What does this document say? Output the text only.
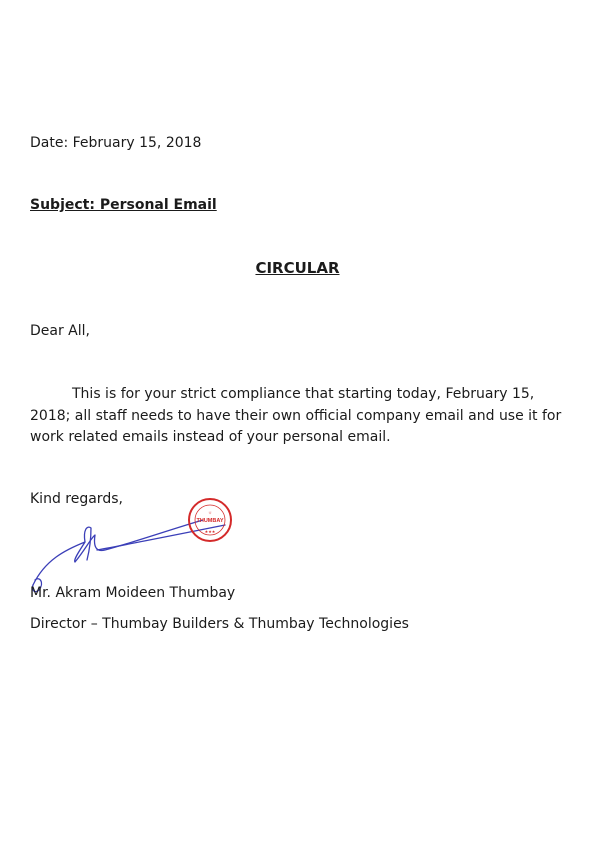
Date: February 15, 2018
Subject: Personal Email
CIRCULAR
Dear All,
This is for your strict compliance that starting today, February 15, 2018; all staff needs to have their own official company email and use it for work related emails instead of your personal email.
Kind regards,
☼
THUMBAY
★★★
Mr. Akram Moideen Thumbay
Director – Thumbay Builders & Thumbay Technologies
